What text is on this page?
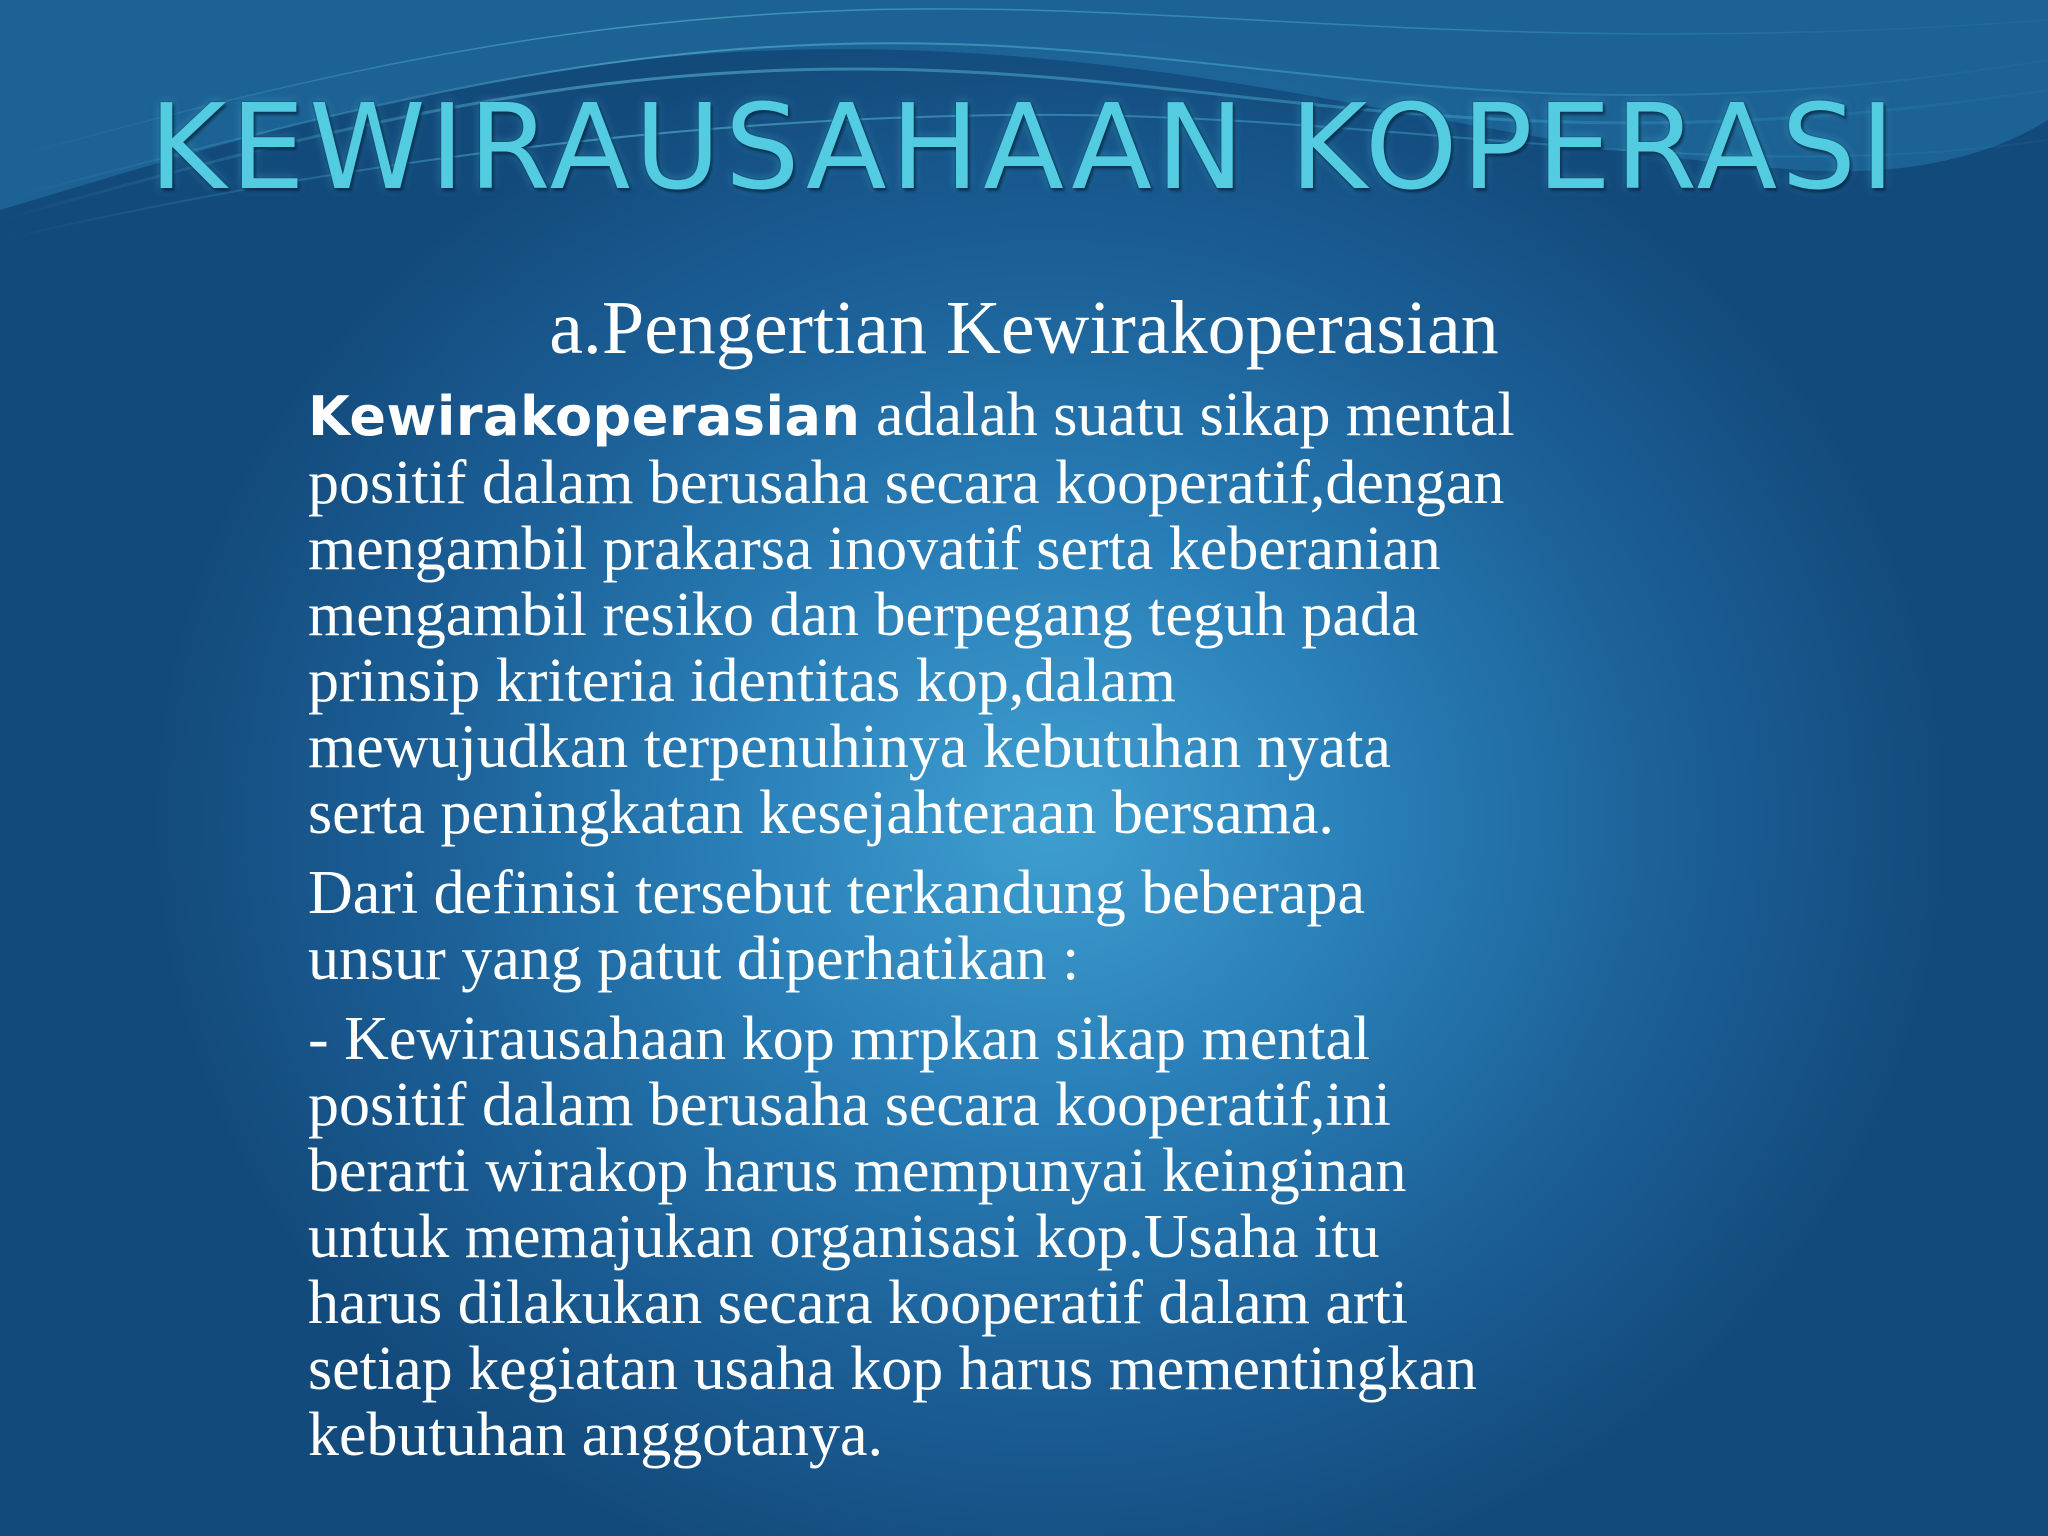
KEWIRAUSAHAAN KOPERASI
a.Pengertian Kewirakoperasian

Kewirakoperasian adalah suatu sikap mental
positif dalam berusaha secara kooperatif,dengan
mengambil prakarsa inovatif serta keberanian
mengambil resiko dan berpegang teguh pada
prinsip kriteria identitas kop,dalam
mewujudkan terpenuhinya kebutuhan nyata
serta peningkatan kesejahteraan bersama.

Dari definisi tersebut terkandung beberapa
unsur yang patut diperhatikan :

- Kewirausahaan kop mrpkan sikap mental
positif dalam berusaha secara kooperatif,ini
berarti wirakop harus mempunyai keinginan
untuk memajukan organisasi kop.Usaha itu
harus dilakukan secara kooperatif dalam arti
setiap kegiatan usaha kop harus mementingkan
kebutuhan anggotanya.
